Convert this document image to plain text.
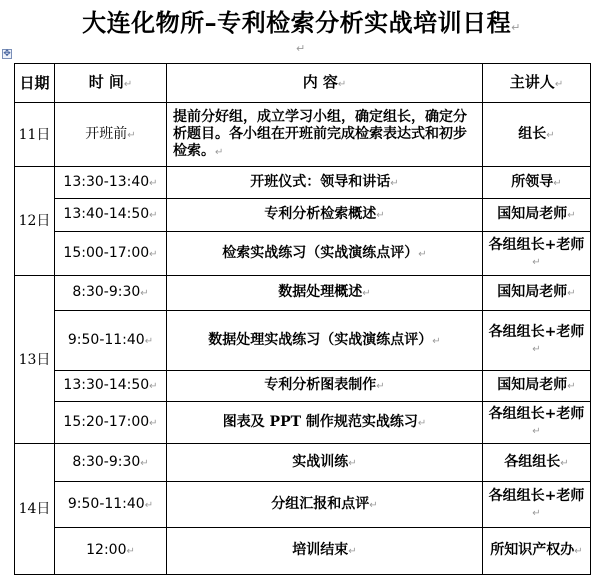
大连化物所–专利检索分析实战培训日程↵
↵
✥
日期	时 间↵	内 容↵	主讲人↵
11日	开班前↵	提前分好组，成立学习小组，确定组长，确定分析题目。各小组在开班前完成检索表达式和初步检索。↵	组长↵
12日	13:30-13:40↵	开班仪式：领导和讲话↵	所领导↵
	13:40-14:50↵	专利分析检索概述↵	国知局老师↵
	15:00-17:00↵	检索实战练习（实战演练点评）↵	各组组长+老师↵
13日	8:30-9:30↵	数据处理概述↵	国知局老师↵
	9:50-11:40↵	数据处理实战练习（实战演练点评）↵	各组组长+老师↵
	13:30-14:50↵	专利分析图表制作↵	国知局老师↵
	15:20-17:00↵	图表及 PPT 制作规范实战练习↵	各组组长+老师↵
14日	8:30-9:30↵	实战训练↵	各组组长↵
	9:50-11:40↵	分组汇报和点评↵	各组组长+老师↵
	12:00↵	培训结束↵	所知识产权办↵
